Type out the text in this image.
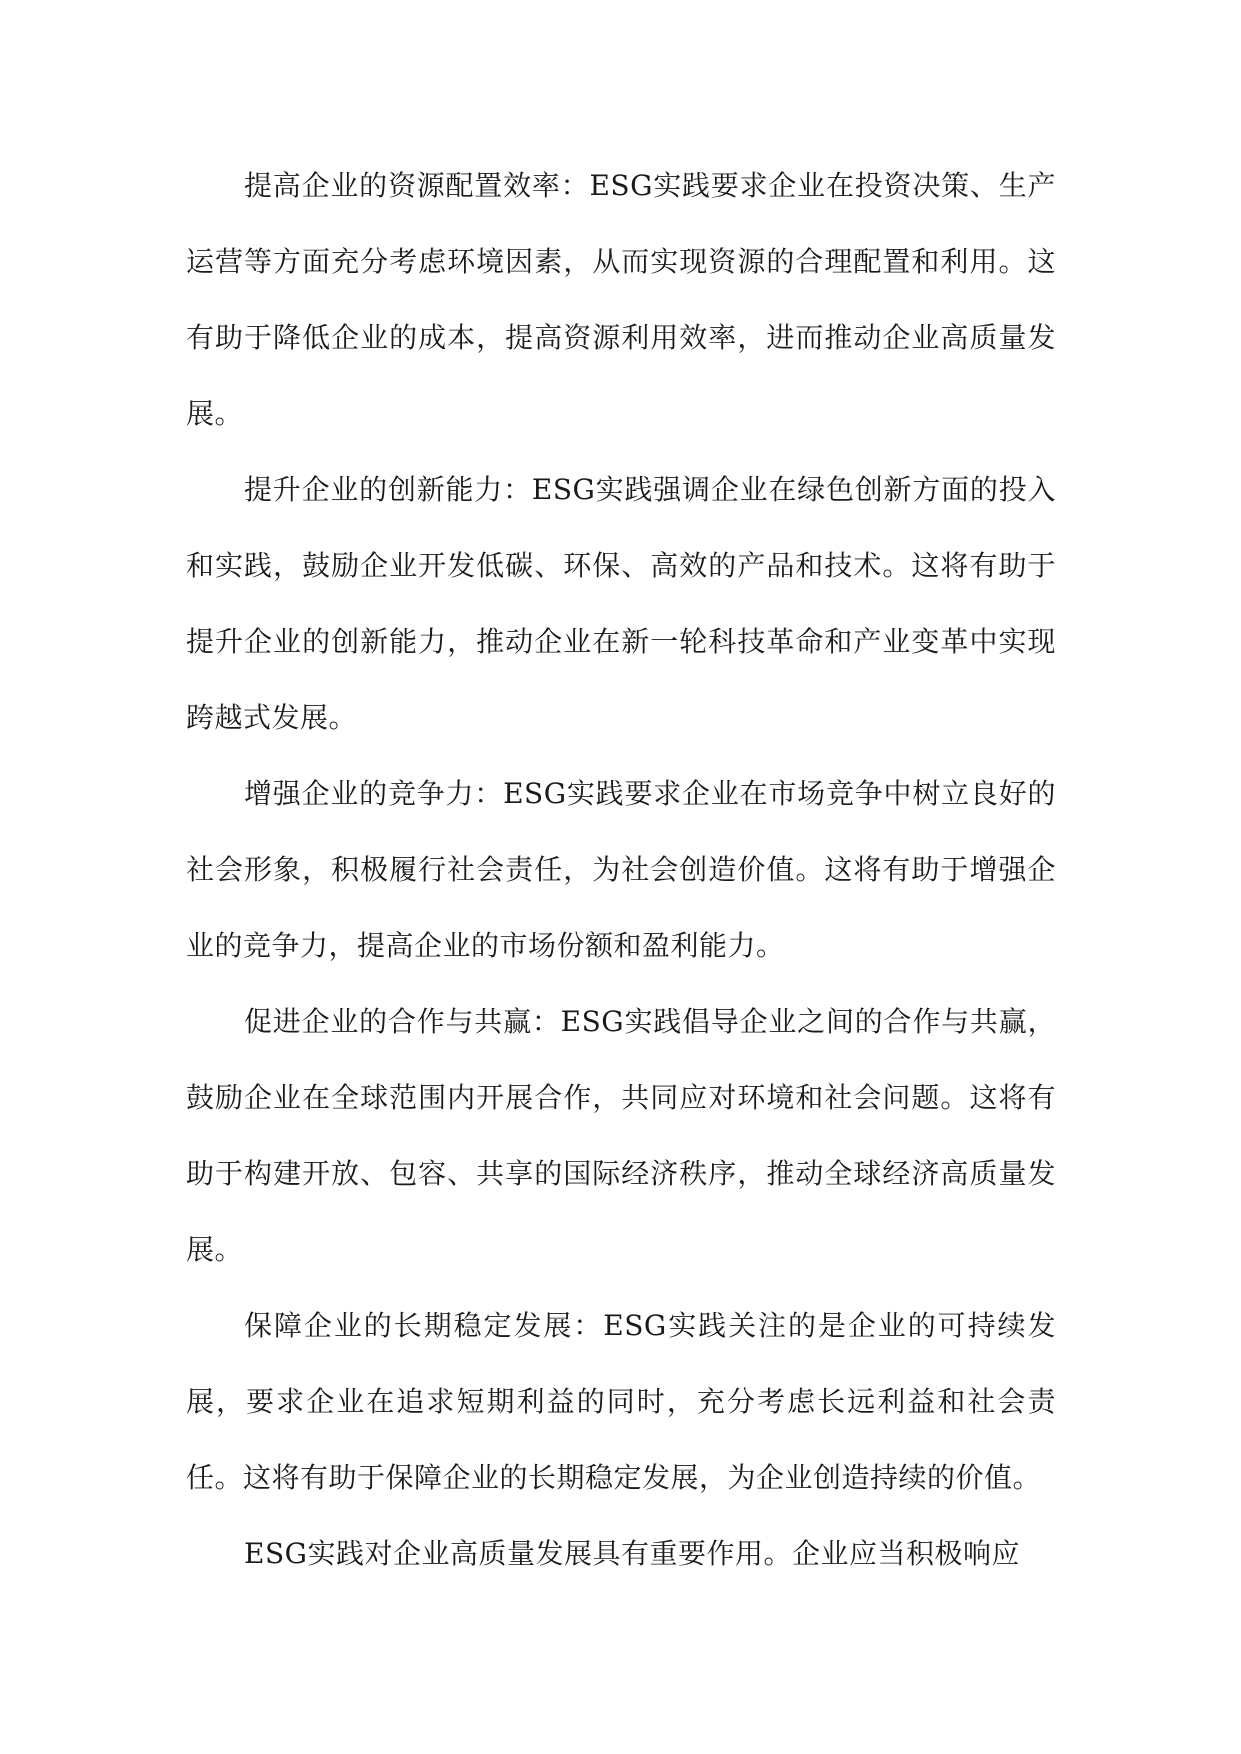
提高企业的资源配置效率：ESG实践要求企业在投资决策、生产运营等方面充分考虑环境因素，从而实现资源的合理配置和利用。这有助于降低企业的成本，提高资源利用效率，进而推动企业高质量发展。

提升企业的创新能力：ESG实践强调企业在绿色创新方面的投入和实践，鼓励企业开发低碳、环保、高效的产品和技术。这将有助于提升企业的创新能力，推动企业在新一轮科技革命和产业变革中实现跨越式发展。

增强企业的竞争力：ESG实践要求企业在市场竞争中树立良好的社会形象，积极履行社会责任，为社会创造价值。这将有助于增强企业的竞争力，提高企业的市场份额和盈利能力。

促进企业的合作与共赢：ESG实践倡导企业之间的合作与共赢，鼓励企业在全球范围内开展合作，共同应对环境和社会问题。这将有助于构建开放、包容、共享的国际经济秩序，推动全球经济高质量发展。

保障企业的长期稳定发展：ESG实践关注的是企业的可持续发展，要求企业在追求短期利益的同时，充分考虑长远利益和社会责任。这将有助于保障企业的长期稳定发展，为企业创造持续的价值。

ESG实践对企业高质量发展具有重要作用。企业应当积极响应
